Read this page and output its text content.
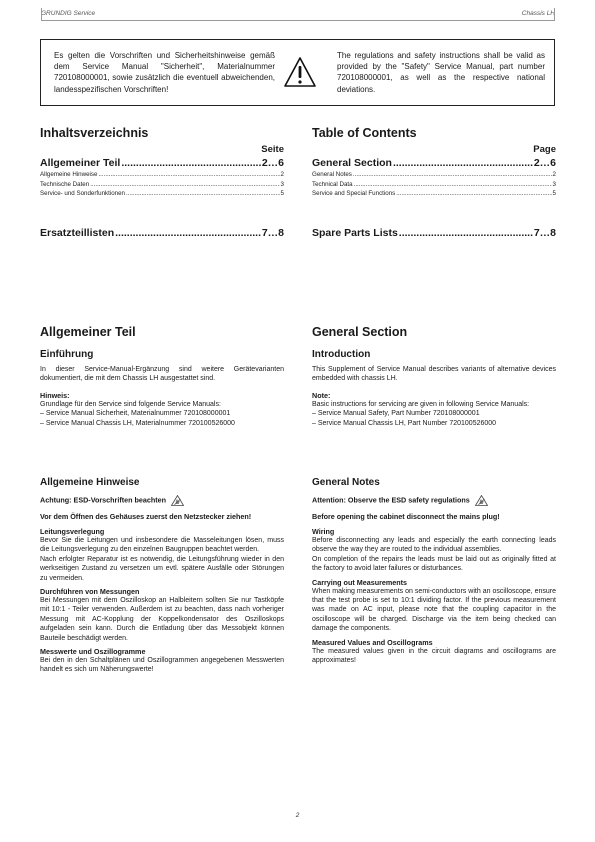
GRUNDIG Service	Chassis LH
Es gelten die Vorschriften und Sicherheitshinweise gemäß dem Service Manual "Sicherheit", Materialnummer 720108000001, sowie zusätzlich die eventuell abweichenden, landesspezifischen Vorschriften!
The regulations and safety instructions shall be valid as provided by the "Safety" Service Manual, part number 720108000001, as well as the respective national deviations.
Inhaltsverzeichnis
Seite
Allgemeiner Teil .....	2…6
Allgemeine Hinweise .....	2
Technische Daten .....	3
Service- und Sonderfunktionen .....	5
Ersatzteillisten .....	7…8
Table of Contents
Page
General Section .....	2…6
General Notes .....	2
Technical Data .....	3
Service and Special Functions .....	5
Spare Parts Lists .....	7…8
Allgemeiner Teil
Einführung
In dieser Service-Manual-Ergänzung sind weitere Gerätevarianten dokumentiert, die mit dem Chassis LH ausgestattet sind.
Hinweis:
Grundlage für den Service sind folgende Service Manuals:
– Service Manual Sicherheit, Materialnummer 720108000001
– Service Manual Chassis LH, Materialnummer 720100526000
General Section
Introduction
This Supplement of Service Manual describes variants of alternative devices embedded with chassis LH.
Note:
Basic instructions for servicing are given in following Service Manuals:
– Service Manual Safety, Part Number 720108000001
– Service Manual Chassis LH, Part Number 720100526000
Allgemeine Hinweise
Achtung: ESD-Vorschriften beachten
Vor dem Öffnen des Gehäuses zuerst den Netzstecker ziehen!
Leitungsverlegung
Bevor Sie die Leitungen und insbesondere die Masseleitungen lösen, muss die Leitungsverlegung zu den einzelnen Baugruppen beachtet werden.
Nach erfolgter Reparatur ist es notwendig, die Leitungsführung wieder in den werkseitigen Zustand zu versetzen um evtl. spätere Ausfälle oder Störungen zu vermeiden.
Durchführen von Messungen
Bei Messungen mit dem Oszilloskop an Halbleitern sollten Sie nur Tastköpfe mit 10:1 - Teiler verwenden. Außerdem ist zu beachten, dass nach vorheriger Messung mit AC-Kopplung der Koppelkondensator des Oszilloskops aufgeladen sein kann. Durch die Entladung über das Messobjekt können Bauteile beschädigt werden.
Messwerte und Oszillogramme
Bei den in den Schaltplänen und Oszillogrammen angegebenen Messwerten handelt es sich um Näherungswerte!
General Notes
Attention: Observe the ESD safety regulations
Before opening the cabinet disconnect the mains plug!
Wiring
Before disconnecting any leads and especially the earth connecting leads observe the way they are routed to the individual assemblies.
On completion of the repairs the leads must be laid out as originally fitted at the factory to avoid later failures or disturbances.
Carrying out Measurements
When making measurements on semi-conductors with an oscilloscope, ensure that the test probe is set to 10:1 dividing factor. If the previous measurement was made on AC input, please note that the coupling capacitor in the oscilloscope will be charged. Discharge via the item being checked can damage the components.
Measured Values and Oscillograms
The measured values given in the circuit diagrams and oscillograms are approximates!
2
